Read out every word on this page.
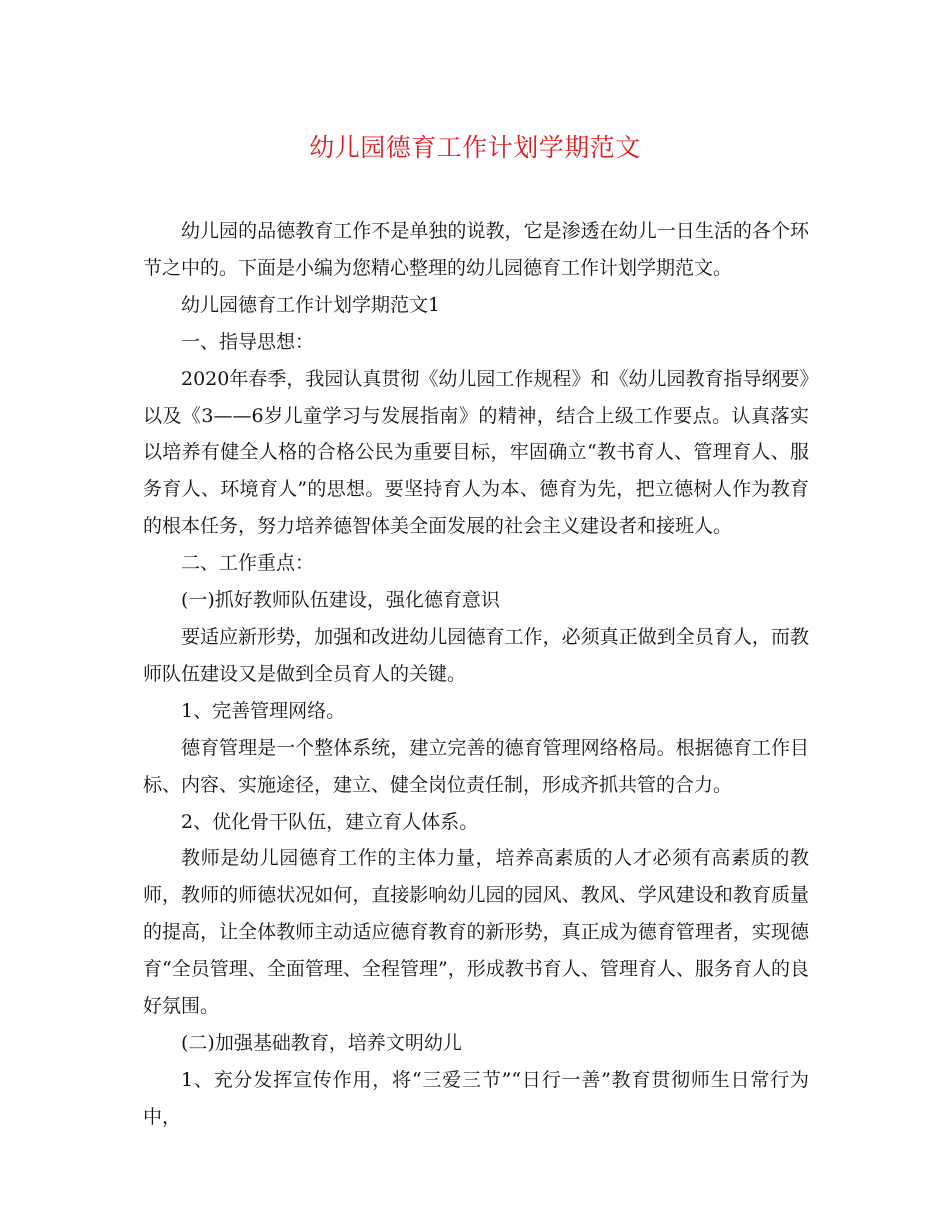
幼儿园德育工作计划学期范文

幼儿园的品德教育工作不是单独的说教，它是渗透在幼儿一日生活的各个环节之中的。下面是小编为您精心整理的幼儿园德育工作计划学期范文。

幼儿园德育工作计划学期范文1

一、指导思想：

2020年春季，我园认真贯彻《幼儿园工作规程》和《幼儿园教育指导纲要》以及《3——6岁儿童学习与发展指南》的精神，结合上级工作要点。认真落实以培养有健全人格的合格公民为重要目标，牢固确立“教书育人、管理育人、服务育人、环境育人”的思想。要坚持育人为本、德育为先，把立德树人作为教育的根本任务，努力培养德智体美全面发展的社会主义建设者和接班人。

二、工作重点：

(一)抓好教师队伍建设，强化德育意识

要适应新形势，加强和改进幼儿园德育工作，必须真正做到全员育人，而教师队伍建设又是做到全员育人的关键。

1、完善管理网络。

德育管理是一个整体系统，建立完善的德育管理网络格局。根据德育工作目标、内容、实施途径，建立、健全岗位责任制，形成齐抓共管的合力。

2、优化骨干队伍，建立育人体系。

教师是幼儿园德育工作的主体力量，培养高素质的人才必须有高素质的教师，教师的师德状况如何，直接影响幼儿园的园风、教风、学风建设和教育质量的提高，让全体教师主动适应德育教育的新形势，真正成为德育管理者，实现德育“全员管理、全面管理、全程管理”，形成教书育人、管理育人、服务育人的良好氛围。

(二)加强基础教育，培养文明幼儿

1、充分发挥宣传作用，将“三爱三节”“日行一善”教育贯彻师生日常行为中，
